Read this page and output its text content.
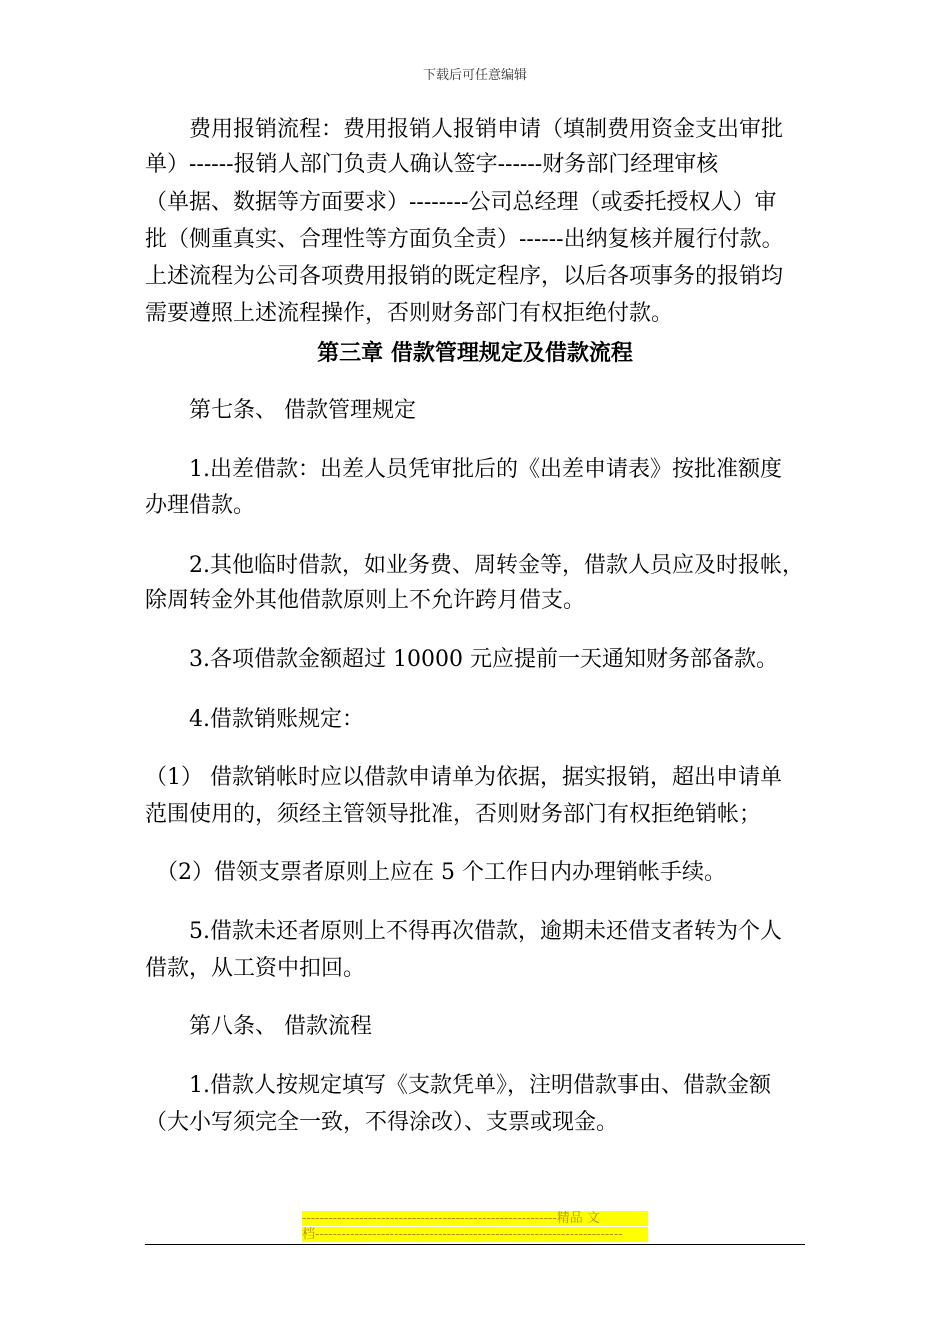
下载后可任意编辑
　　费用报销流程：费用报销人报销申请（填制费用资金支出审批
单）------报销人部门负责人确认签字------财务部门经理审核
（单据、数据等方面要求）--------公司总经理（或委托授权人）审
批（侧重真实、合理性等方面负全责）------出纳复核并履行付款。
上述流程为公司各项费用报销的既定程序，以后各项事务的报销均
需要遵照上述流程操作，否则财务部门有权拒绝付款。
第三章 借款管理规定及借款流程
　　第七条、 借款管理规定
　　1.出差借款：出差人员凭审批后的《出差申请表》按批准额度
办理借款。
　　2.其他临时借款，如业务费、周转金等，借款人员应及时报帐，
除周转金外其他借款原则上不允许跨月借支。
　　3.各项借款金额超过 10000 元应提前一天通知财务部备款。
　　4.借款销账规定：
（1） 借款销帐时应以借款申请单为依据，据实报销，超出申请单
范围使用的，须经主管领导批准，否则财务部门有权拒绝销帐；
　（2）借领支票者原则上应在 5 个工作日内办理销帐手续。
　　5.借款未还者原则上不得再次借款，逾期未还借支者转为个人
借款，从工资中扣回。
　　第八条、 借款流程
　　1.借款人按规定填写《支款凭单》，注明借款事由、借款金额
（大小写须完全一致，不得涂改）、支票或现金。
----------------------------------------------------------精品 文
档----------------------------------------------------------------------
